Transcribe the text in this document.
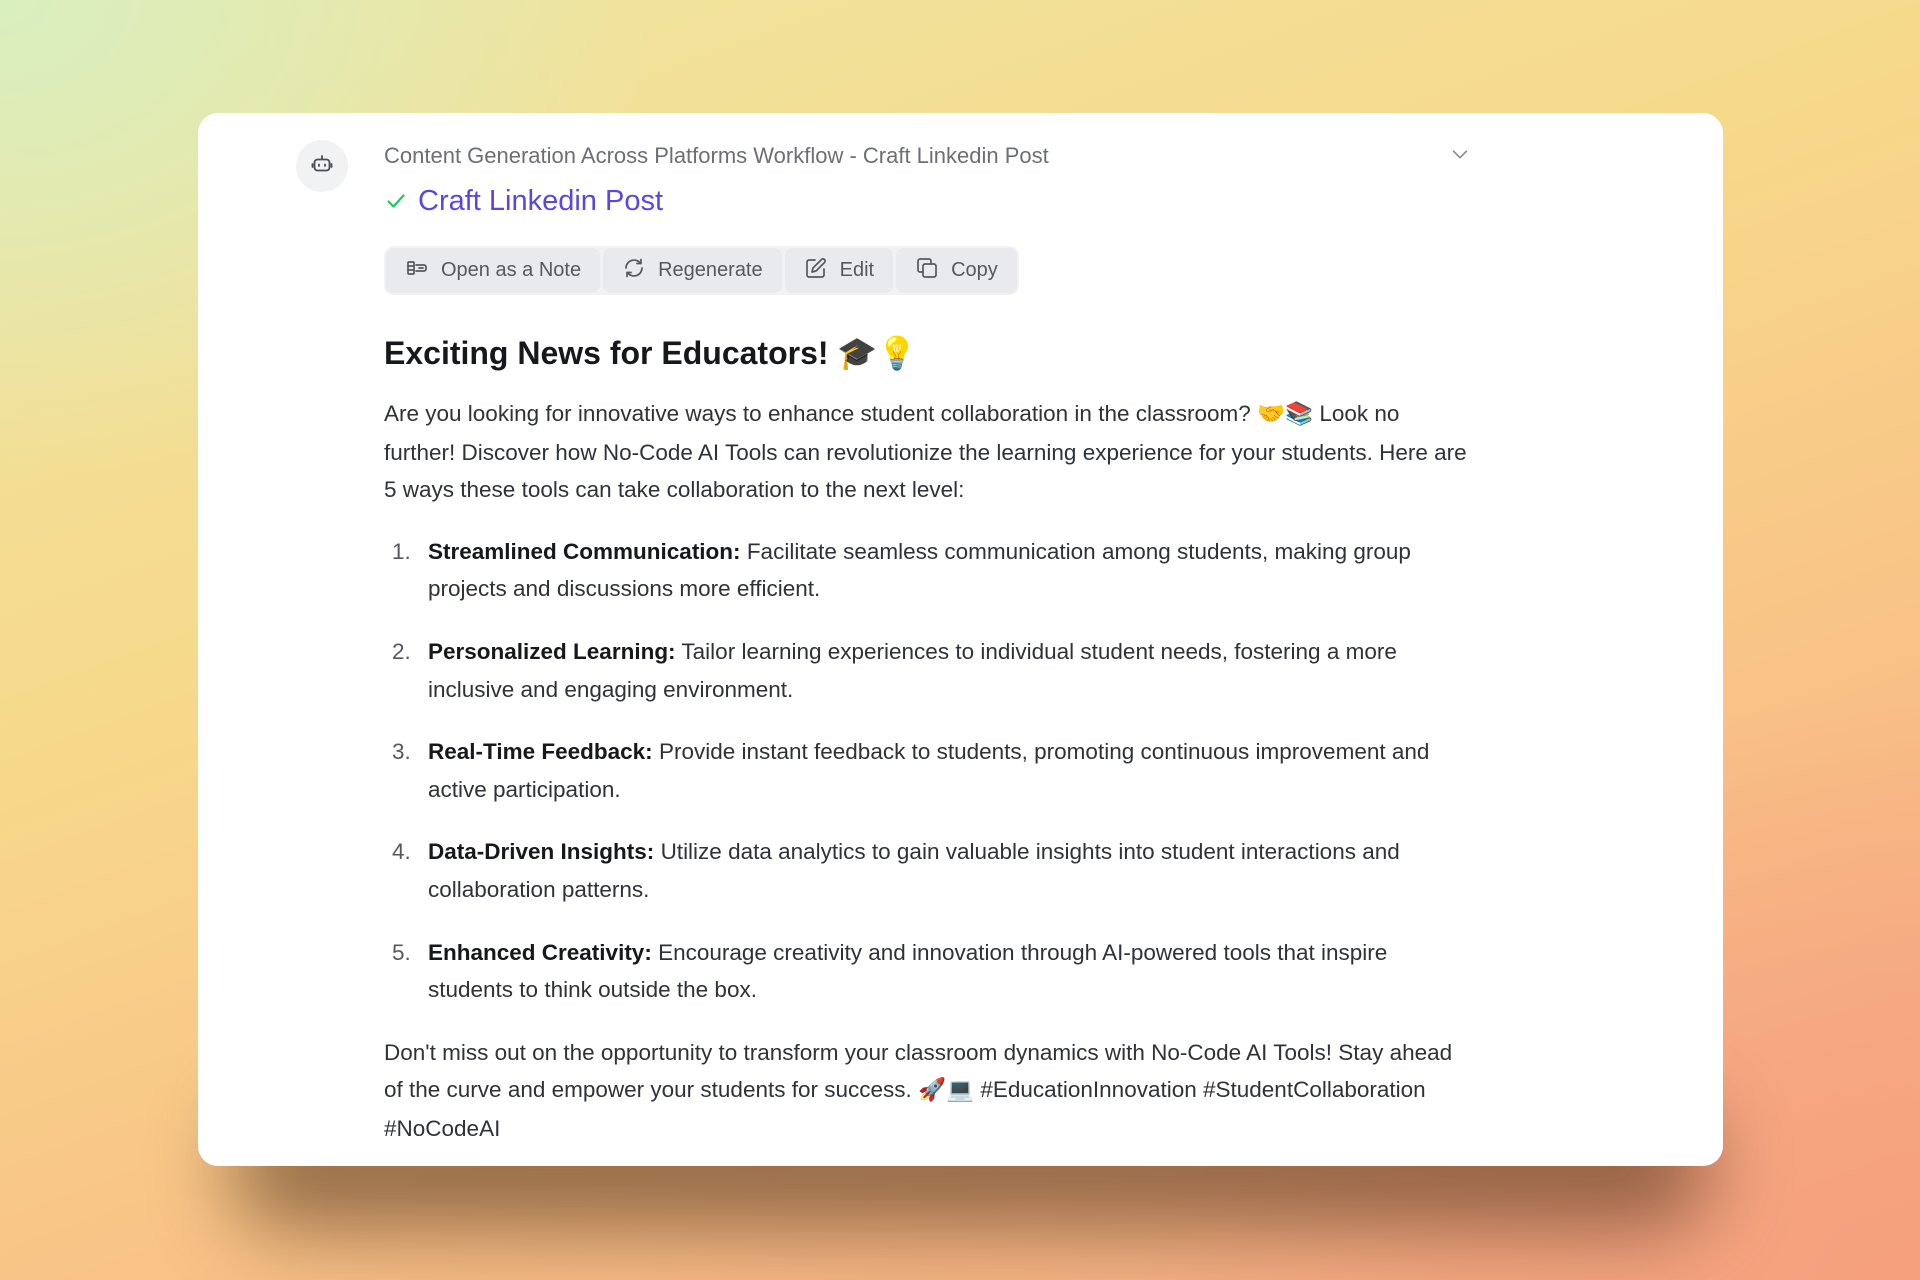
Content Generation Across Platforms Workflow - Craft Linkedin Post
Craft Linkedin Post
Open as a Note	Regenerate	Edit	Copy
Exciting News for Educators! 🎓💡
Are you looking for innovative ways to enhance student collaboration in the classroom? 🤝📚 Look no further! Discover how No-Code AI Tools can revolutionize the learning experience for your students. Here are 5 ways these tools can take collaboration to the next level:
1. Streamlined Communication: Facilitate seamless communication among students, making group projects and discussions more efficient.
2. Personalized Learning: Tailor learning experiences to individual student needs, fostering a more inclusive and engaging environment.
3. Real-Time Feedback: Provide instant feedback to students, promoting continuous improvement and active participation.
4. Data-Driven Insights: Utilize data analytics to gain valuable insights into student interactions and collaboration patterns.
5. Enhanced Creativity: Encourage creativity and innovation through AI-powered tools that inspire students to think outside the box.
Don't miss out on the opportunity to transform your classroom dynamics with No-Code AI Tools! Stay ahead of the curve and empower your students for success. 🚀💻 #EducationInnovation #StudentCollaboration #NoCodeAI
